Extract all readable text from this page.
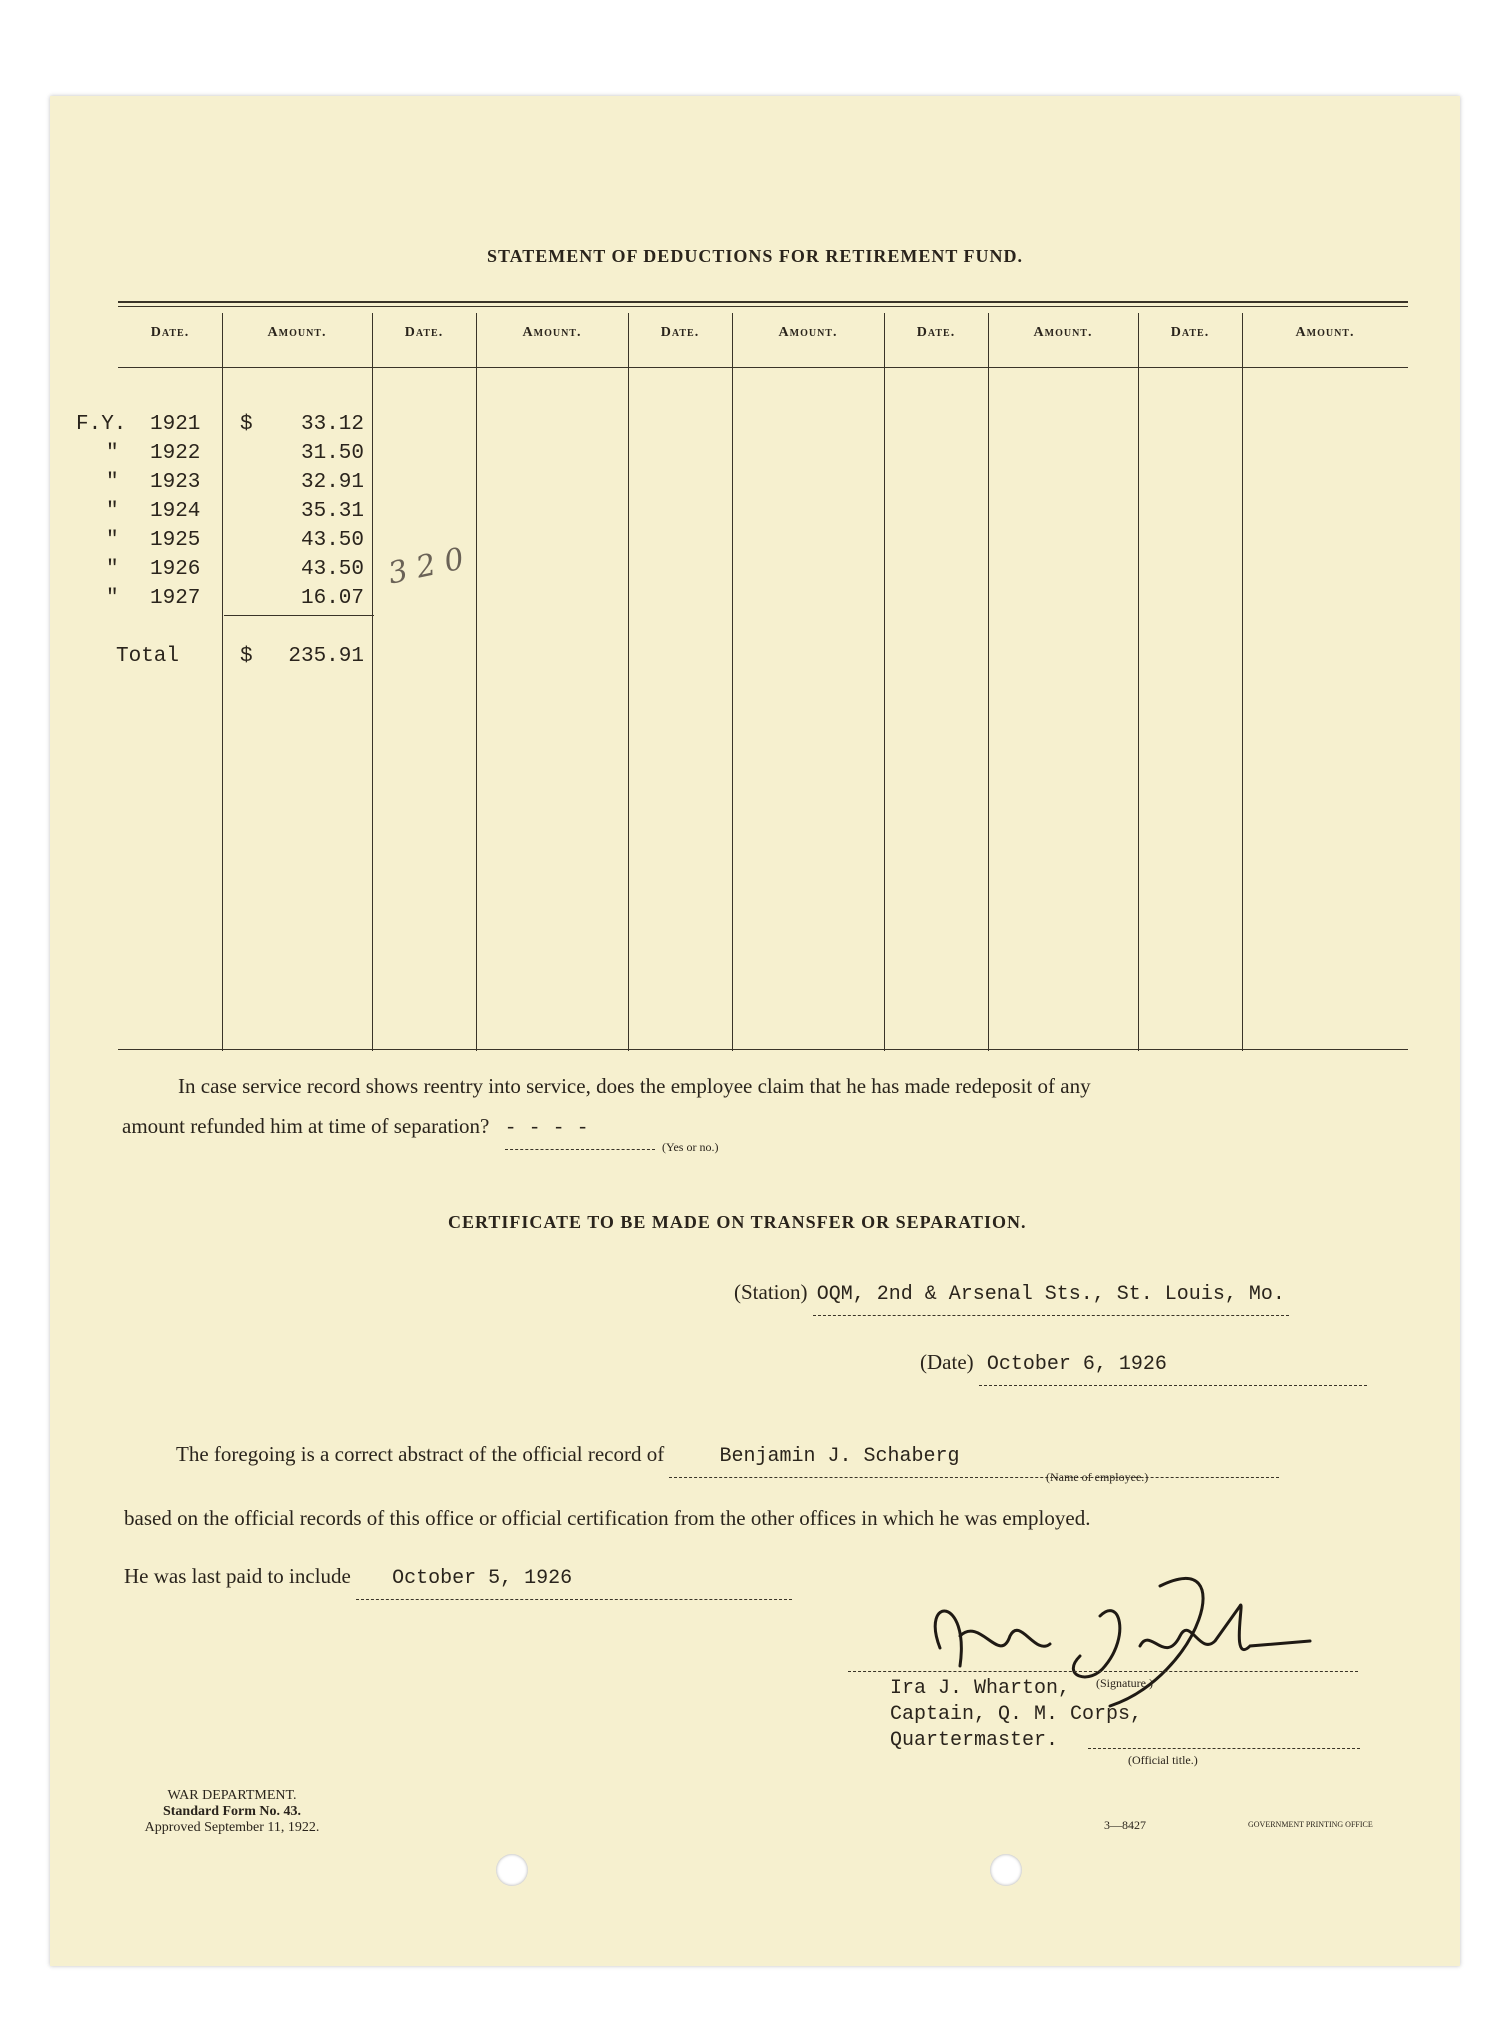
STATEMENT OF DEDUCTIONS FOR RETIREMENT FUND.
Date.	Amount.	Date.	Amount.	Date.	Amount.	Date.	Amount.	Date.	Amount.
F.Y. 1921 $	33.12
" 1922	31.50
" 1923	32.91
" 1924	35.31
" 1925	43.50
" 1926	43.50
" 1927	16.07
Total	$	235.91
3 2 0
In case service record shows reentry into service, does the employee claim that he has made redeposit of any
amount refunded him at time of separation? - - - -
(Yes or no.)
CERTIFICATE TO BE MADE ON TRANSFER OR SEPARATION.
(Station) OQM, 2nd & Arsenal Sts., St. Louis, Mo.
(Date) October 6, 1926
The foregoing is a correct abstract of the official record of	Benjamin J. Schaberg
(Name of employee.)
based on the official records of this office or official certification from the other offices in which he was employed.
He was last paid to include October 5, 1926
(Signature.)
Ira J. Wharton,
Captain, Q. M. Corps,
Quartermaster.
(Official title.)
WAR DEPARTMENT.
Standard Form No. 43.
Approved September 11, 1922.	3—8427	GOVERNMENT PRINTING OFFICE
